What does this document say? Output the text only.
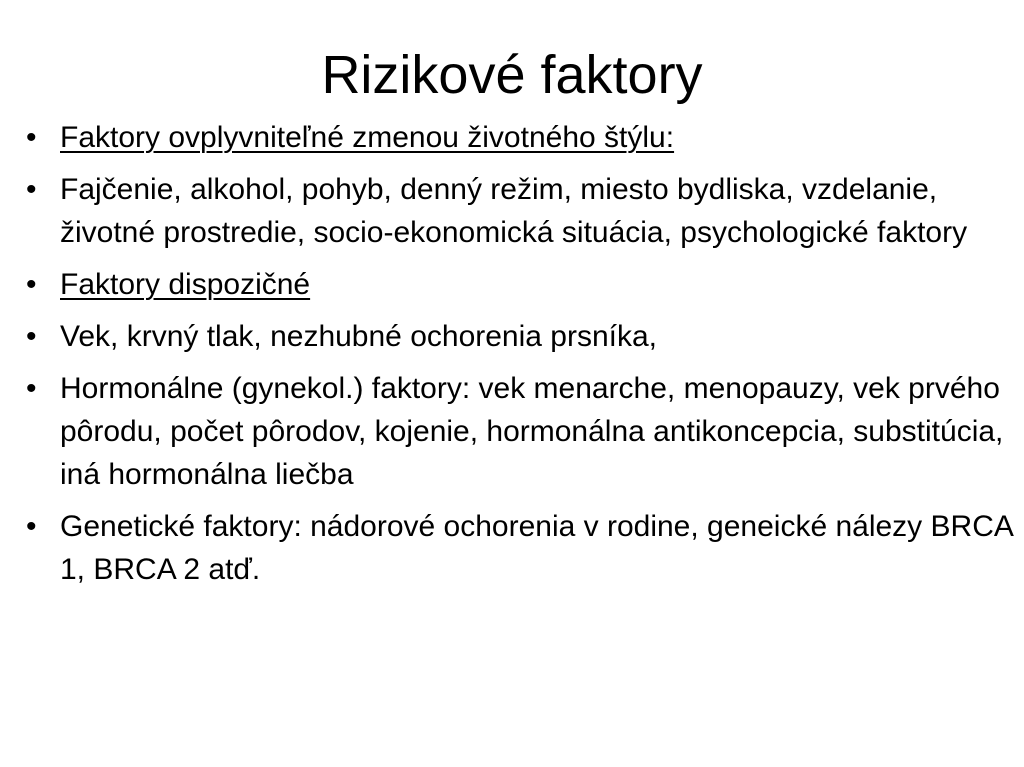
Rizikové faktory
• Faktory ovplyvniteľné zmenou životného štýlu:
• Fajčenie, alkohol, pohyb, denný režim, miesto bydliska, vzdelanie, životné prostredie, socio-ekonomická situácia, psychologické faktory
• Faktory dispozičné
• Vek, krvný tlak, nezhubné ochorenia prsníka,
• Hormonálne (gynekol.) faktory: vek menarche, menopauzy, vek prvého pôrodu, počet pôrodov, kojenie, hormonálna antikoncepcia, substitúcia, iná hormonálna liečba
• Genetické faktory: nádorové ochorenia v rodine, geneické nálezy BRCA 1, BRCA 2 atď.
